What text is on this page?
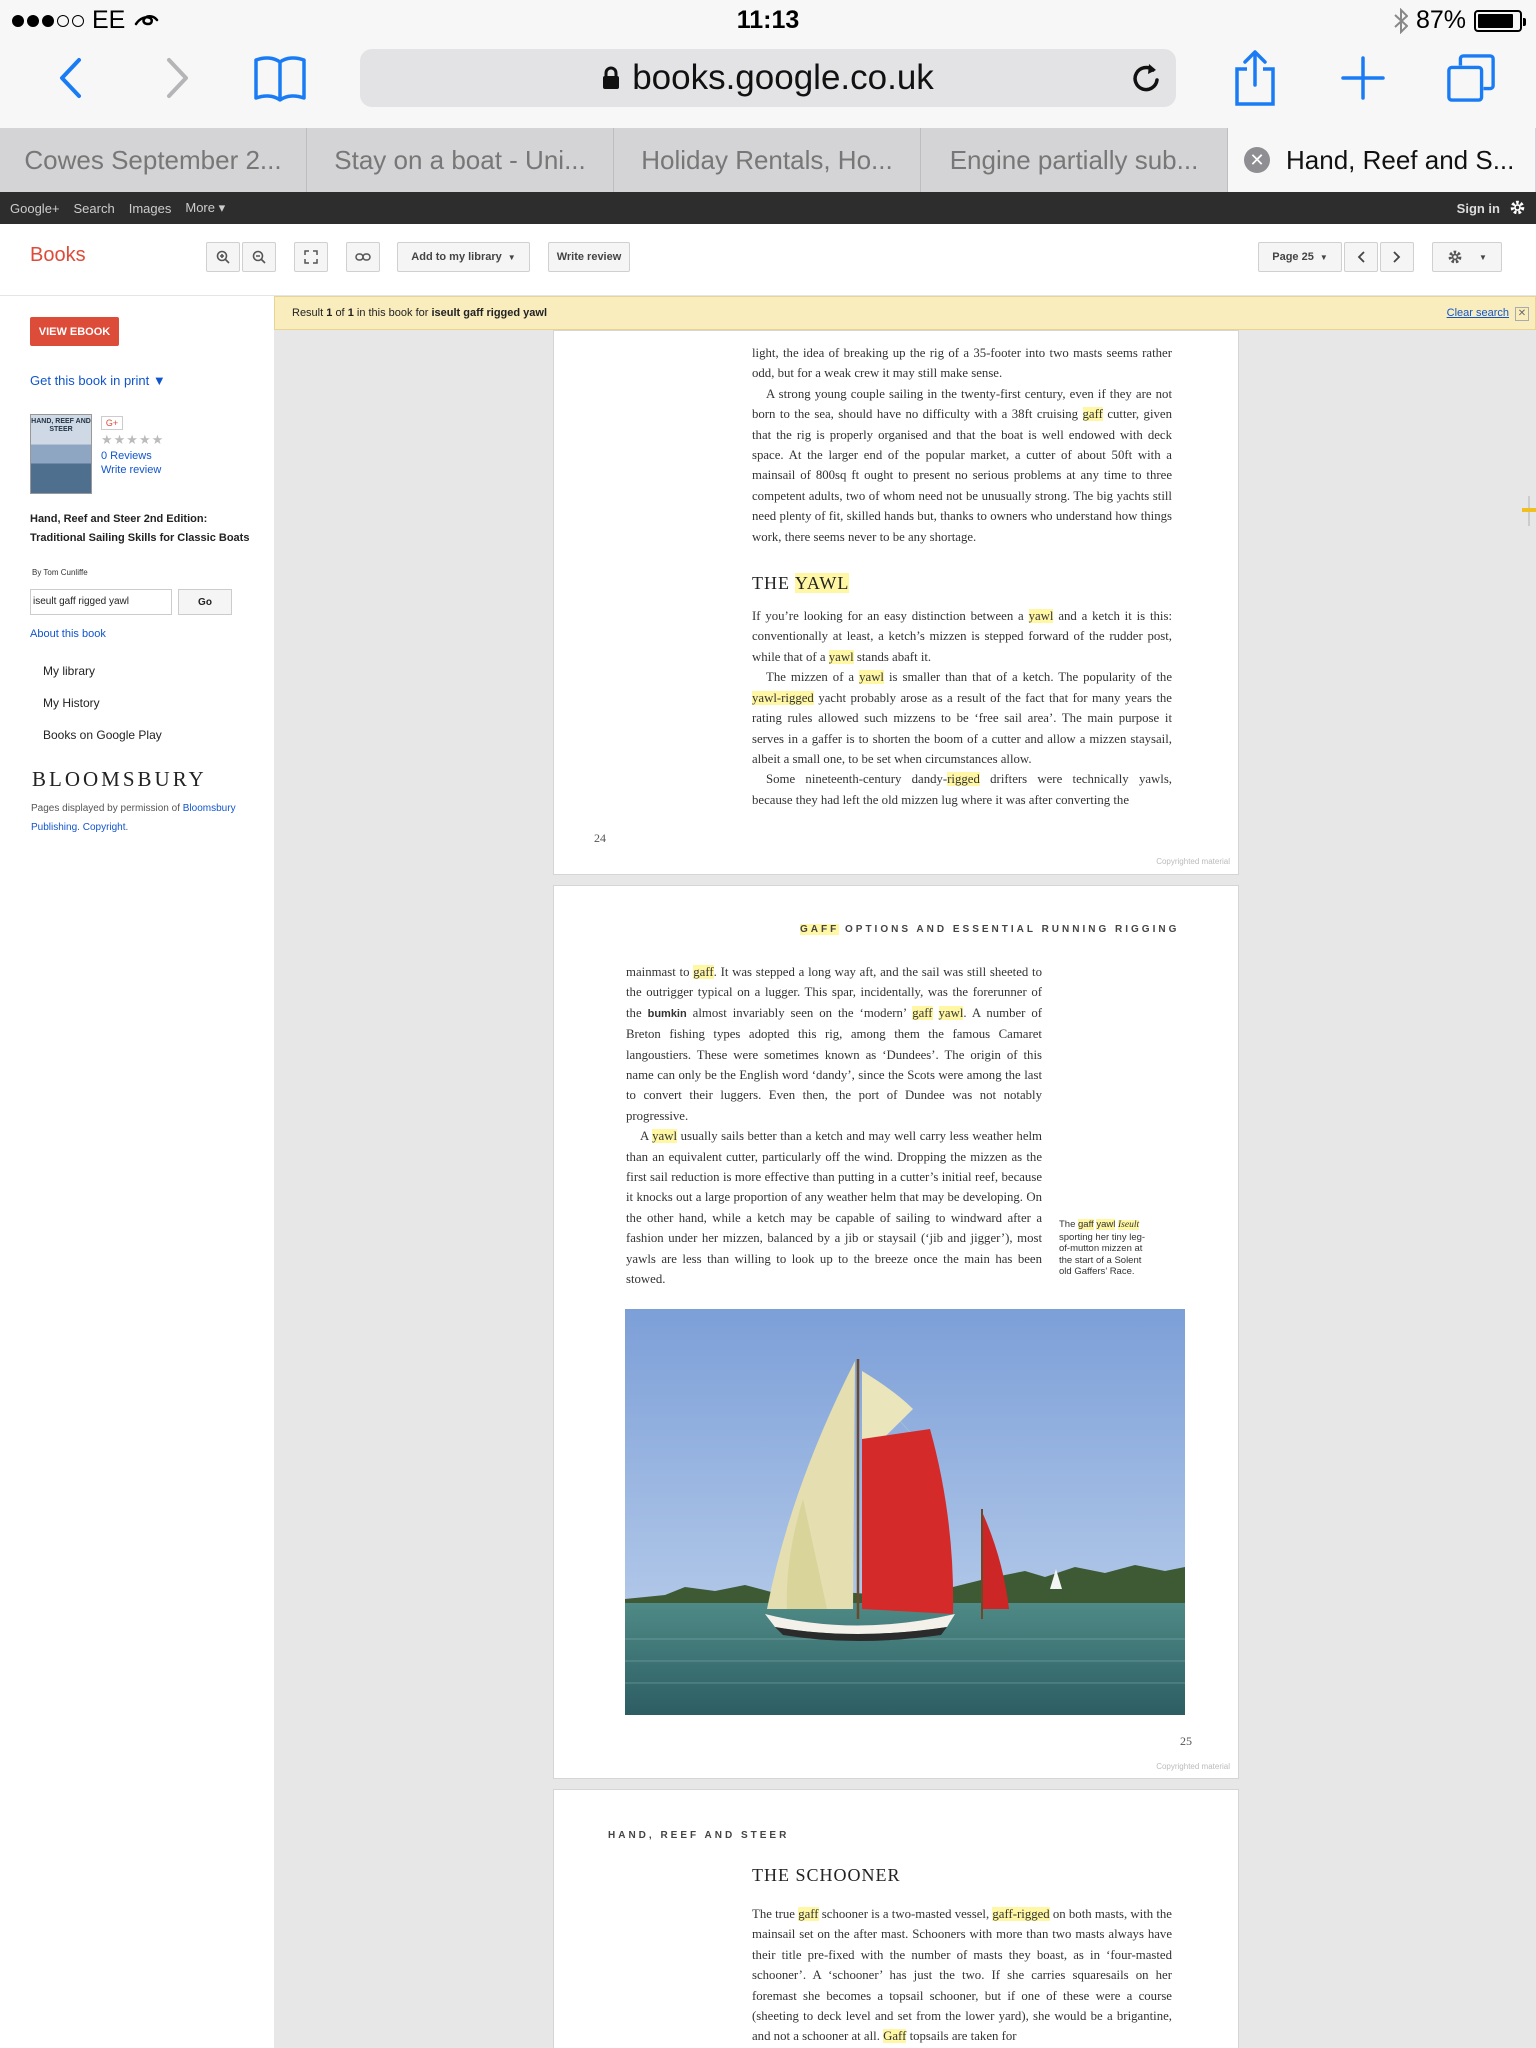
EE	11:13	87%
books.google.co.uk
Cowes September 2...	Stay on a boat - Uni...	Holiday Rentals, Ho...	Engine partially sub...	✕ Hand, Reef and S...
Google+ Search Images More ▾	Sign in
Books	Add to my library ▼	Write review	Page 25 ▼	▼
VIEW EBOOK
Get this book in print ▼
HAND, REEF AND STEER
G+
★★★★★
0 Reviews
Write review
Hand, Reef and Steer 2nd Edition: Traditional Sailing Skills for Classic Boats
By Tom Cunliffe
iseult gaff rigged yawl	Go
About this book
My library
My History
Books on Google Play
BLOOMSBURY
Pages displayed by permission of Bloomsbury Publishing. Copyright.
Result
1
of
1
in this book for
iseult gaff rigged yawl	Clear search ✕

light, the idea of breaking up the rig of a 35-footer into two masts seems rather odd, but for a weak crew it may still make sense.

A strong young couple sailing in the twenty-first century, even if they are not born to the sea, should have no difficulty with a 38ft cruising gaff cutter, given that the rig is properly organised and that the boat is well endowed with deck space. At the larger end of the popular market, a cutter of about 50ft with a mainsail of 800sq ft ought to present no serious problems at any time to three competent adults, two of whom need not be unusually strong. The big yachts still need plenty of fit, skilled hands but, thanks to owners who understand how things work, there seems never to be any shortage.

THE YAWL

If you’re looking for an easy distinction between a yawl and a ketch it is this: conventionally at least, a ketch’s mizzen is stepped forward of the rudder post, while that of a yawl stands abaft it.

The mizzen of a yawl is smaller than that of a ketch. The popularity of the yawl-rigged yacht probably arose as a result of the fact that for many years the rating rules allowed such mizzens to be ‘free sail area’. The main purpose it serves in a gaffer is to shorten the boom of a cutter and allow a mizzen staysail, albeit a small one, to be set when circumstances allow.

Some nineteenth-century dandy-rigged drifters were technically yawls, because they had left the old mizzen lug where it was after converting the

24
Copyrighted material
GAFF OPTIONS AND ESSENTIAL RUNNING RIGGING

mainmast to gaff. It was stepped a long way aft, and the sail was still sheeted to the outrigger typical on a lugger. This spar, incidentally, was the forerunner of the bumkin almost invariably seen on the ‘modern’ gaff yawl. A number of Breton fishing types adopted this rig, among them the famous Camaret langoustiers. These were sometimes known as ‘Dundees’. The origin of this name can only be the English word ‘dandy’, since the Scots were among the last to convert their luggers. Even then, the port of Dundee was not notably progressive.

A yawl usually sails better than a ketch and may well carry less weather helm than an equivalent cutter, particularly off the wind. Dropping the mizzen as the first sail reduction is more effective than putting in a cutter’s initial reef, because it knocks out a large proportion of any weather helm that may be developing. On the other hand, while a ketch may be capable of sailing to windward after a fashion under her mizzen, balanced by a jib or staysail (‘jib and jigger’), most yawls are less than willing to look up to the breeze once the main has been stowed.

The gaff yawl Iseult sporting her tiny leg-of-mutton mizzen at the start of a Solent old Gaffers’ Race.
25
Copyrighted material
HAND, REEF AND STEER
THE SCHOONER

The true gaff schooner is a two-masted vessel, gaff-rigged on both masts, with the mainsail set on the after mast. Schooners with more than two masts always have their title pre-fixed with the number of masts they boast, as in ‘four-masted schooner’. A ‘schooner’ has just the two. If she carries squaresails on her foremast she becomes a topsail schooner, but if one of these were a course (sheeting to deck level and set from the lower yard), she would be a brigantine, and not a schooner at all. Gaff topsails are taken for
